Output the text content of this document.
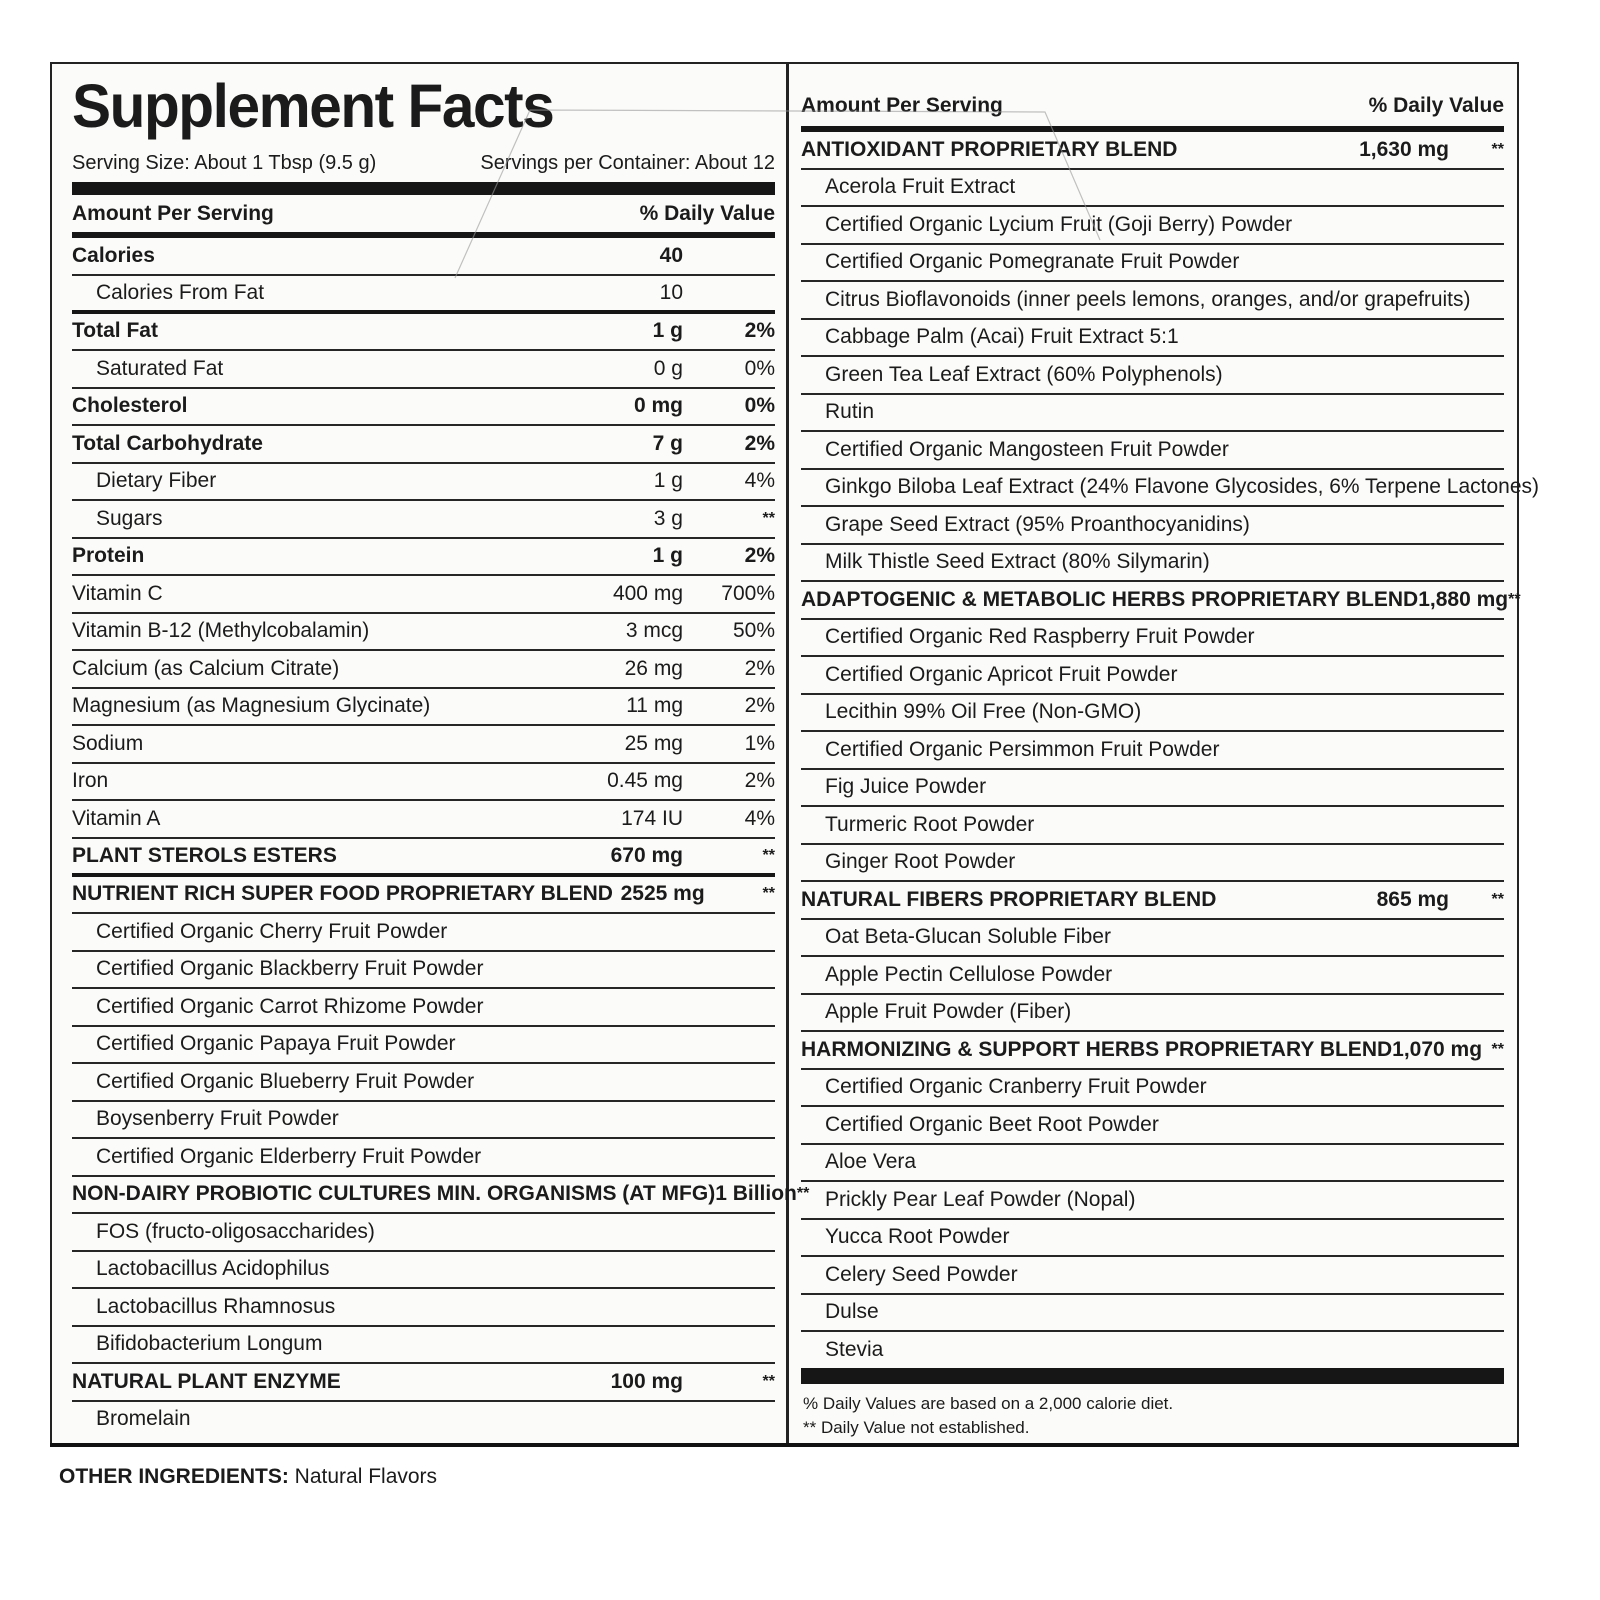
Supplement Facts
Serving Size: About 1 Tbsp (9.5 g)	Servings per Container: About 12
Amount Per Serving	% Daily Value
Calories	40
Calories From Fat	10
Total Fat	1 g	2%
Saturated Fat	0 g	0%
Cholesterol	0 mg	0%
Total Carbohydrate	7 g	2%
Dietary Fiber	1 g	4%
Sugars	3 g	**
Protein	1 g	2%
Vitamin C	400 mg	700%
Vitamin B-12 (Methylcobalamin)	3 mcg	50%
Calcium (as Calcium Citrate)	26 mg	2%
Magnesium (as Magnesium Glycinate)	11 mg	2%
Sodium	25 mg	1%
Iron	0.45 mg	2%
Vitamin A	174 IU	4%
PLANT STEROLS ESTERS	670 mg	**
NUTRIENT RICH SUPER FOOD PROPRIETARY BLEND 2525 mg	**
Certified Organic Cherry Fruit Powder
Certified Organic Blackberry Fruit Powder
Certified Organic Carrot Rhizome Powder
Certified Organic Papaya Fruit Powder
Certified Organic Blueberry Fruit Powder
Boysenberry Fruit Powder
Certified Organic Elderberry Fruit Powder
NON-DAIRY PROBIOTIC CULTURES MIN. ORGANISMS (AT MFG) 1 Billion **
FOS (fructo-oligosaccharides)
Lactobacillus Acidophilus
Lactobacillus Rhamnosus
Bifidobacterium Longum
NATURAL PLANT ENZYME	100 mg	**
Bromelain
Amount Per Serving	% Daily Value
ANTIOXIDANT PROPRIETARY BLEND	1,630 mg	**
Acerola Fruit Extract
Certified Organic Lycium Fruit (Goji Berry) Powder
Certified Organic Pomegranate Fruit Powder
Citrus Bioflavonoids (inner peels lemons, oranges, and/or grapefruits)
Cabbage Palm (Acai) Fruit Extract 5:1
Green Tea Leaf Extract (60% Polyphenols)
Rutin
Certified Organic Mangosteen Fruit Powder
Ginkgo Biloba Leaf Extract (24% Flavone Glycosides, 6% Terpene Lactones)
Grape Seed Extract (95% Proanthocyanidins)
Milk Thistle Seed Extract (80% Silymarin)
ADAPTOGENIC & METABOLIC HERBS PROPRIETARY BLEND 1,880 mg **
Certified Organic Red Raspberry Fruit Powder
Certified Organic Apricot Fruit Powder
Lecithin 99% Oil Free (Non-GMO)
Certified Organic Persimmon Fruit Powder
Fig Juice Powder
Turmeric Root Powder
Ginger Root Powder
NATURAL FIBERS PROPRIETARY BLEND	865 mg	**
Oat Beta-Glucan Soluble Fiber
Apple Pectin Cellulose Powder
Apple Fruit Powder (Fiber)
HARMONIZING & SUPPORT HERBS PROPRIETARY BLEND 1,070 mg **
Certified Organic Cranberry Fruit Powder
Certified Organic Beet Root Powder
Aloe Vera
Prickly Pear Leaf Powder (Nopal)
Yucca Root Powder
Celery Seed Powder
Dulse
Stevia
% Daily Values are based on a 2,000 calorie diet.
** Daily Value not established.
OTHER INGREDIENTS: Natural Flavors
